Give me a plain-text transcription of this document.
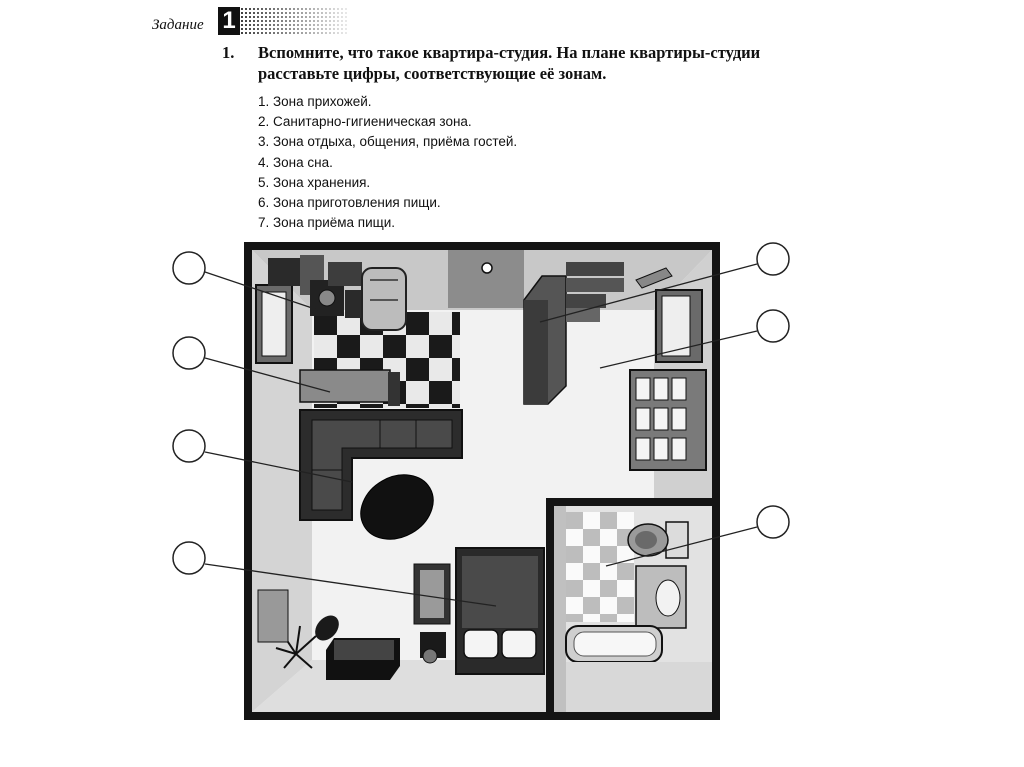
Задание 1
1. Вспомните, что такое квартира-студия. На плане квартиры-студии расставьте цифры, соответствующие её зонам.
1. Зона прихожей.
2. Санитарно-гигиеническая зона.
3. Зона отдыха, общения, приёма гостей.
4. Зона сна.
5. Зона хранения.
6. Зона приготовления пищи.
7. Зона приёма пищи.
